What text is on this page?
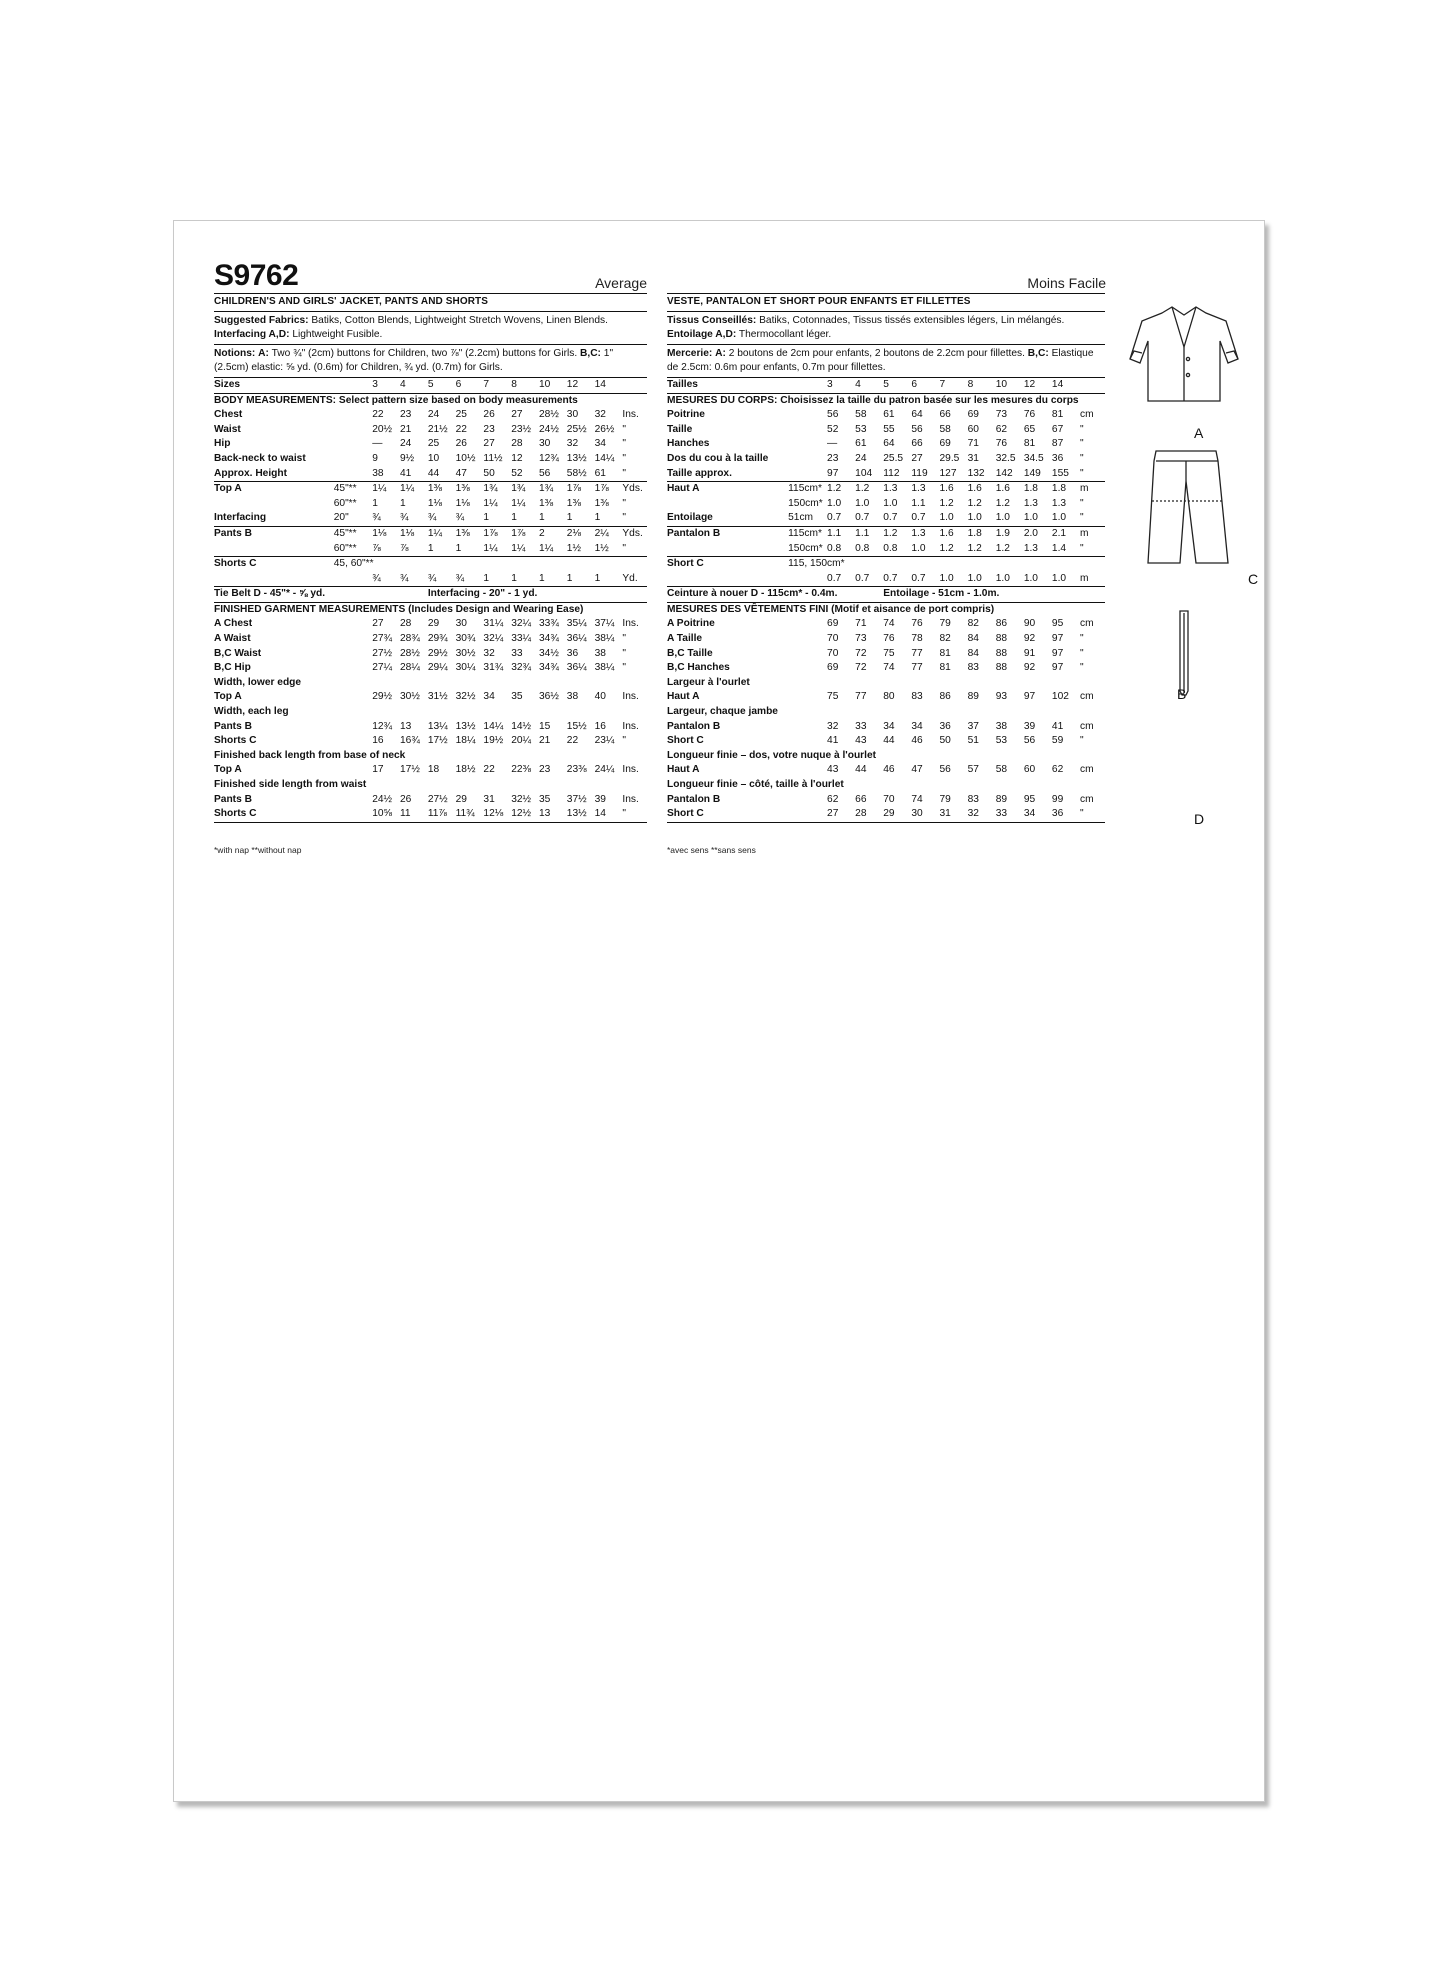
S9762	Average	Moins Facile
CHILDREN'S AND GIRLS' JACKET, PANTS AND SHORTS
Suggested Fabrics: Batiks, Cotton Blends, Lightweight Stretch Wovens, Linen Blends.
Interfacing A,D: Lightweight Fusible.
Notions: A: Two ¾" (2cm) buttons for Children, two ⅞" (2.2cm) buttons for Girls. B,C: 1" (2.5cm) elastic: ⅝ yd. (0.6m) for Children, ¾ yd. (0.7m) for Girls.
Sizes		3	4	5	6	7	8	10	12	14	
BODY MEASUREMENTS: Select pattern size based on body measurements											
Chest		22	23	24	25	26	27	28½	30	32	Ins.
Waist		20½	21	21½	22	23	23½	24½	25½	26½	"
Hip		—	24	25	26	27	28	30	32	34	"
Back-neck to waist		9	9½	10	10½	11½	12	12¾	13½	14¼	"
Approx. Height		38	41	44	47	50	52	56	58½	61	"
Top A	45"**	1¼	1¼	1⅜	1⅜	1¾	1¾	1¾	1⅞	1⅞	Yds.
	60"**	1	1	1⅛	1⅛	1¼	1¼	1⅜	1⅜	1⅜	"
Interfacing	20"	¾	¾	¾	¾	1	1	1	1	1	"
Pants B	45"**	1⅛	1⅛	1¼	1⅜	1⅞	1⅞	2	2⅛	2¼	Yds.
	60"**	⅞	⅞	1	1	1¼	1¼	1¼	1½	1½	"
Shorts C	45, 60"**										
		¾	¾	¾	¾	1	1	1	1	1	Yd.
Tie Belt D - 45"* - ⅝ yd.				Interfacing - 20" - 1 yd.							
FINISHED GARMENT MEASUREMENTS (Includes Design and Wearing Ease)											
A Chest		27	28	29	30	31¼	32¼	33¾	35¼	37¼	Ins.
A Waist		27¾	28¾	29¾	30¾	32¼	33¼	34¾	36¼	38¼	"
B,C Waist		27½	28½	29½	30½	32	33	34½	36	38	"
B,C Hip		27¼	28¼	29¼	30¼	31¾	32¾	34¾	36¼	38¼	"
Width, lower edge											
Top A		29½	30½	31½	32½	34	35	36½	38	40	Ins.
Width, each leg											
Pants B		12¾	13	13¼	13½	14¼	14½	15	15½	16	Ins.
Shorts C		16	16¾	17½	18¼	19½	20¼	21	22	23¼	"
Finished back length from base of neck											
Top A		17	17½	18	18½	22	22⅜	23	23⅜	24¼	Ins.
Finished side length from waist											
Pants B		24½	26	27½	29	31	32½	35	37½	39	Ins.
Shorts C		10⅝	11	11⅞	11¾	12⅛	12½	13	13½	14	"
*with nap **without nap
VESTE, PANTALON ET SHORT POUR ENFANTS ET FILLETTES
Tissus Conseillés: Batiks, Cotonnades, Tissus tissés extensibles légers, Lin mélangés.
Entoilage A,D: Thermocollant léger.
Mercerie: A: 2 boutons de 2cm pour enfants, 2 boutons de 2.2cm pour fillettes. B,C: Elastique de 2.5cm: 0.6m pour enfants, 0.7m pour fillettes.
Tailles		3	4	5	6	7	8	10	12	14	
MESURES DU CORPS: Choisissez la taille du patron basée sur les mesures du corps											
Poitrine		56	58	61	64	66	69	73	76	81	cm
Taille		52	53	55	56	58	60	62	65	67	"
Hanches		—	61	64	66	69	71	76	81	87	"
Dos du cou à la taille		23	24	25.5	27	29.5	31	32.5	34.5	36	"
Taille approx.		97	104	112	119	127	132	142	149	155	"
Haut A	115cm*	1.2	1.2	1.3	1.3	1.6	1.6	1.6	1.8	1.8	m
	150cm*	1.0	1.0	1.0	1.1	1.2	1.2	1.2	1.3	1.3	"
Entoilage	51cm	0.7	0.7	0.7	0.7	1.0	1.0	1.0	1.0	1.0	"
Pantalon B	115cm*	1.1	1.1	1.2	1.3	1.6	1.8	1.9	2.0	2.1	m
	150cm*	0.8	0.8	0.8	1.0	1.2	1.2	1.2	1.3	1.4	"
Short C	115, 150cm*										
		0.7	0.7	0.7	0.7	1.0	1.0	1.0	1.0	1.0	m
Ceinture à nouer D - 115cm* - 0.4m.				Entoilage - 51cm - 1.0m.							
MESURES DES VÊTEMENTS FINI (Motif et aisance de port compris)											
A Poitrine		69	71	74	76	79	82	86	90	95	cm
A Taille		70	73	76	78	82	84	88	92	97	"
B,C Taille		70	72	75	77	81	84	88	91	97	"
B,C Hanches		69	72	74	77	81	83	88	92	97	"
Largeur à l'ourlet											
Haut A		75	77	80	83	86	89	93	97	102	cm
Largeur, chaque jambe											
Pantalon B		32	33	34	34	36	37	38	39	41	cm
Short C		41	43	44	46	50	51	53	56	59	"
Longueur finie – dos, votre nuque à l'ourlet											
Haut A		43	44	46	47	56	57	58	60	62	cm
Longueur finie – côté, taille à l'ourlet											
Pantalon B		62	66	70	74	79	83	89	95	99	cm
Short C		27	28	29	30	31	32	33	34	36	"
*avec sens **sans sens
A
B
C
D
